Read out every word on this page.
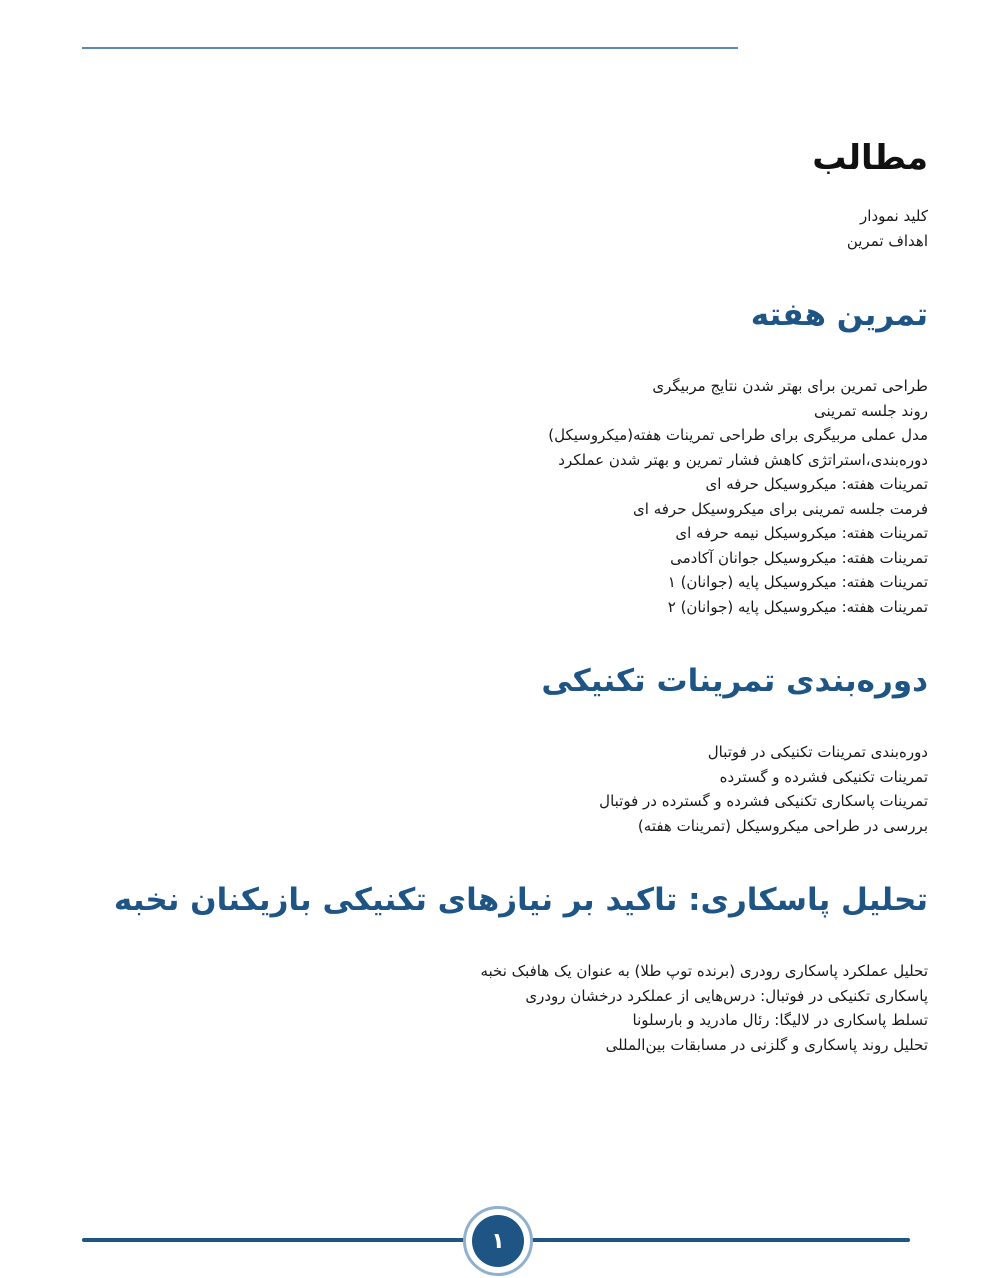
مطالب
کلید نمودار
اهداف تمرین
تمرین هفته
طراحی تمرین برای بهتر شدن نتایج مربیگری
روند جلسه تمرینی
مدل عملی مربیگری برای طراحی تمرینات هفته(میکروسیکل)
دوره‌بندی،استراتژی کاهش فشار تمرین و بهتر شدن عملکرد
تمرینات هفته: میکروسیکل حرفه ای
فرمت جلسه تمرینی برای میکروسیکل حرفه ای
تمرینات هفته: میکروسیکل نیمه حرفه ای
تمرینات هفته: میکروسیکل جوانان آکادمی
تمرینات هفته: میکروسیکل پایه (جوانان) ۱
تمرینات هفته: میکروسیکل پایه (جوانان) ۲
دوره‌بندی تمرینات تکنیکی
دوره‌بندی تمرینات تکنیکی در فوتبال
تمرینات تکنیکی فشرده و گسترده
تمرینات پاسکاری تکنیکی فشرده و گسترده در فوتبال
بررسی در طراحی میکروسیکل (تمرینات هفته)
تحلیل پاسکاری: تاکید بر نیازهای تکنیکی بازیکنان نخبه
تحلیل عملکرد پاسکاری رودری (برنده توپ طلا) به عنوان یک هافبک نخبه
پاسکاری تکنیکی در فوتبال: درس‌هایی از عملکرد درخشان رودری
تسلط پاسکاری در لالیگا: رئال مادرید و بارسلونا
تحلیل روند پاسکاری و گلزنی در مسابقات بین‌المللی
۱
